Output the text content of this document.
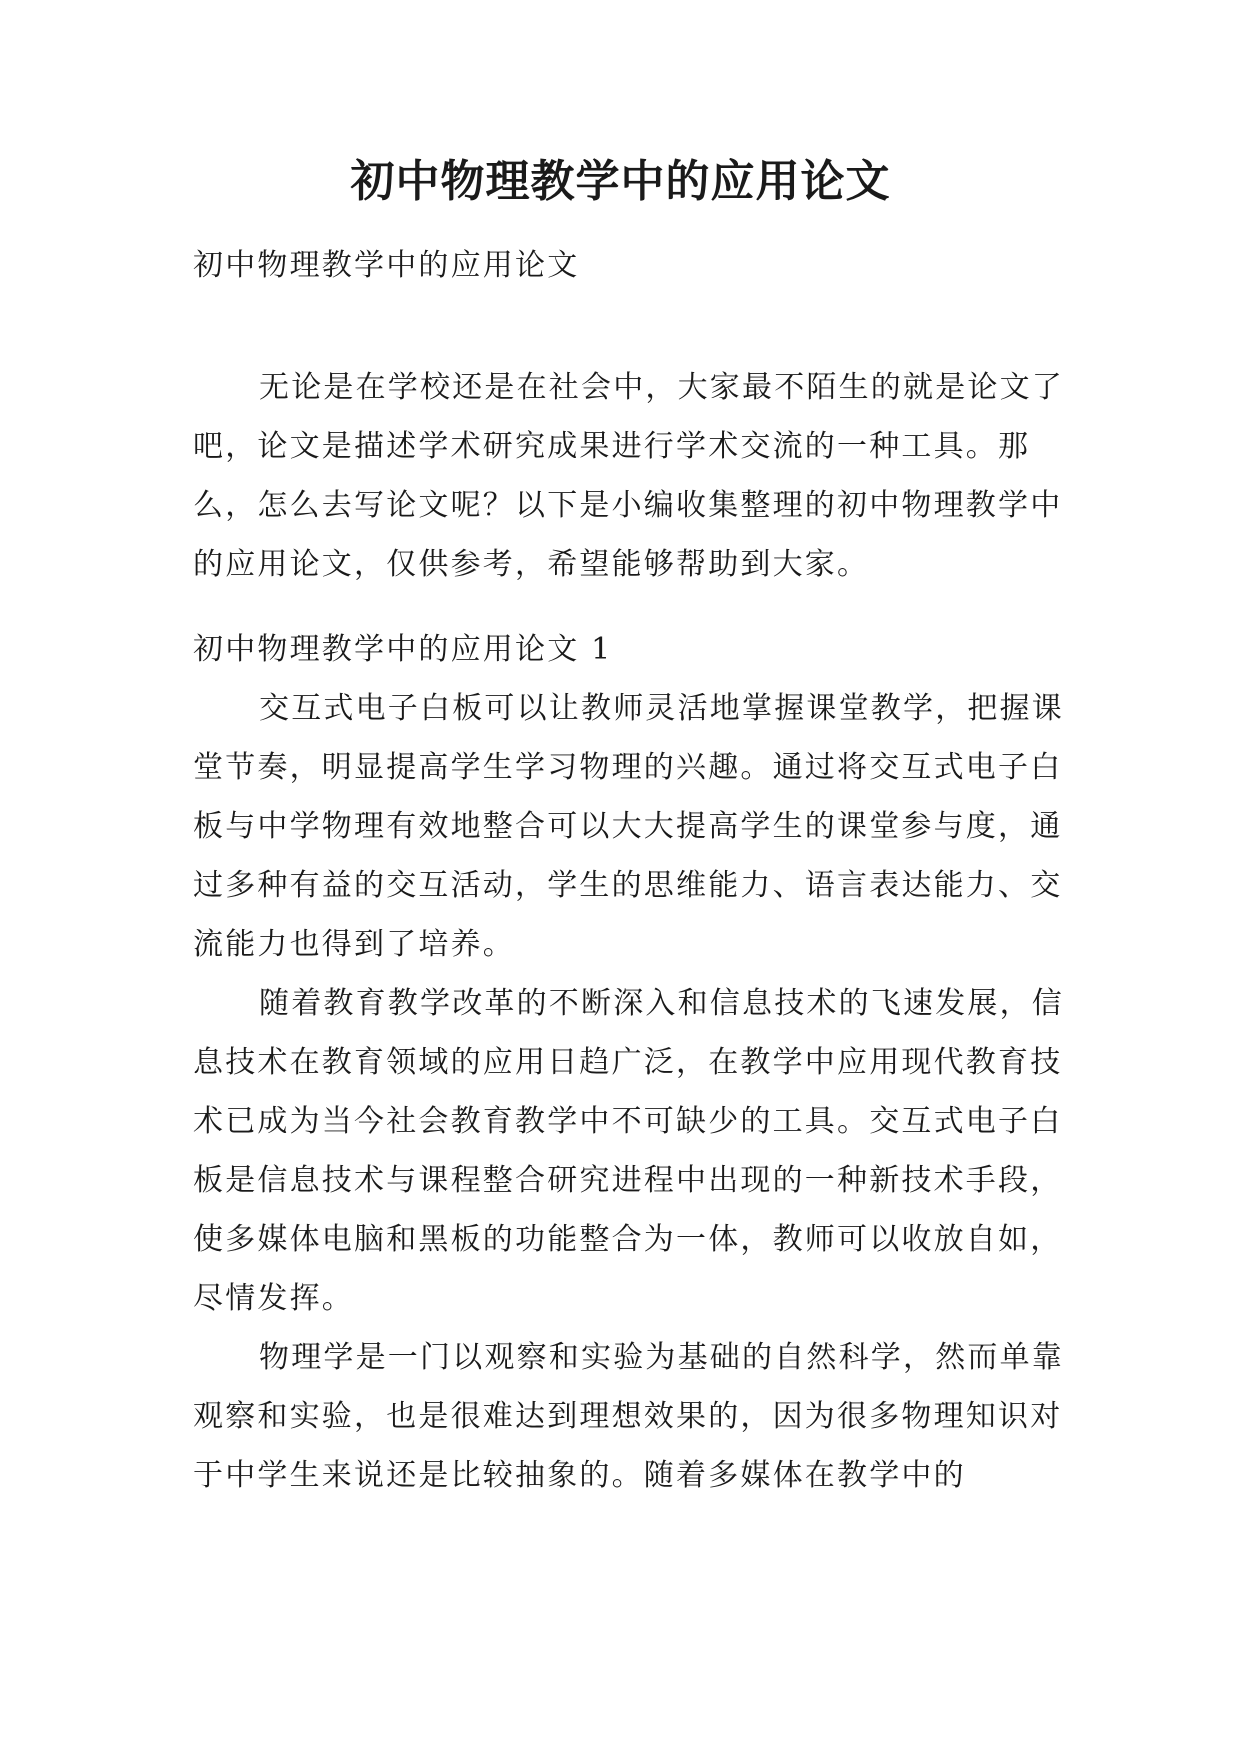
初中物理教学中的应用论文

初中物理教学中的应用论文

无论是在学校还是在社会中，大家最不陌生的就是论文了吧，论文是描述学术研究成果进行学术交流的一种工具。那么，怎么去写论文呢？以下是小编收集整理的初中物理教学中的应用论文，仅供参考，希望能够帮助到大家。

初中物理教学中的应用论文 1

交互式电子白板可以让教师灵活地掌握课堂教学，把握课堂节奏，明显提高学生学习物理的兴趣。通过将交互式电子白板与中学物理有效地整合可以大大提高学生的课堂参与度，通过多种有益的交互活动，学生的思维能力、语言表达能力、交流能力也得到了培养。

随着教育教学改革的不断深入和信息技术的飞速发展，信息技术在教育领域的应用日趋广泛，在教学中应用现代教育技术已成为当今社会教育教学中不可缺少的工具。交互式电子白板是信息技术与课程整合研究进程中出现的一种新技术手段，使多媒体电脑和黑板的功能整合为一体，教师可以收放自如，尽情发挥。

物理学是一门以观察和实验为基础的自然科学，然而单靠观察和实验，也是很难达到理想效果的，因为很多物理知识对于中学生来说还是比较抽象的。随着多媒体在教学中的
